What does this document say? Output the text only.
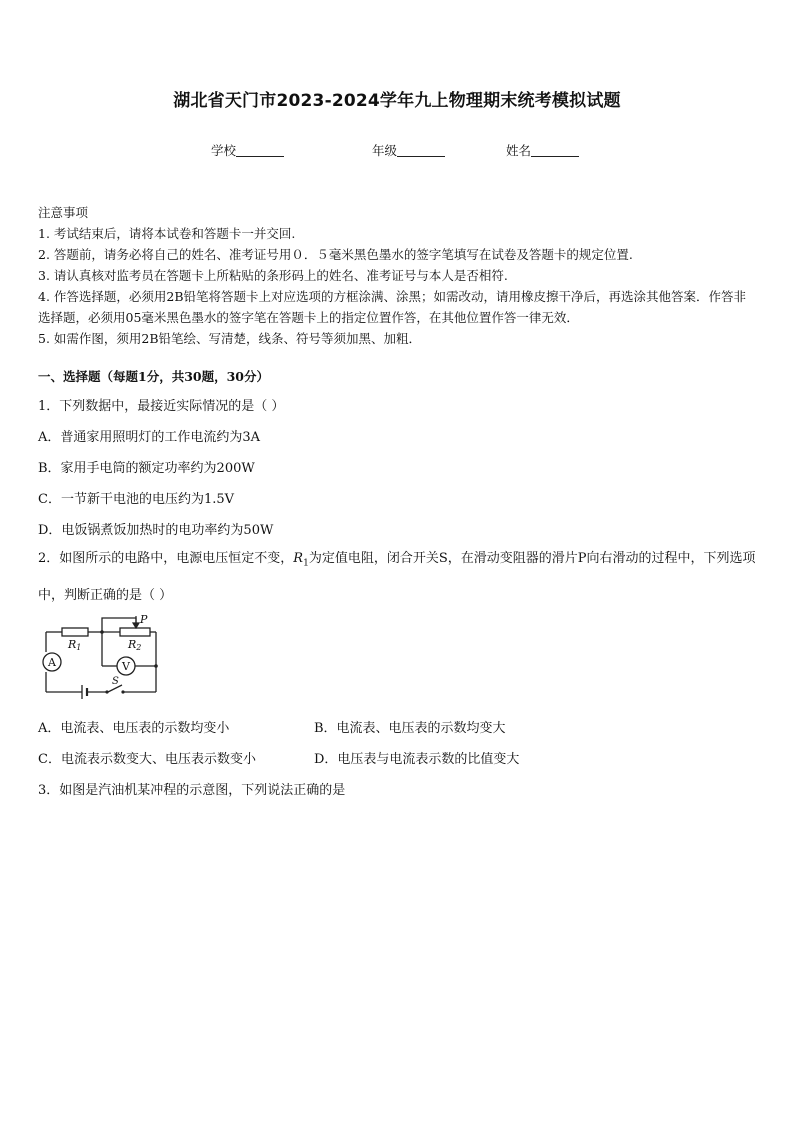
湖北省天门市2023-2024学年九上物理期末统考模拟试题
学校	年级	姓名
注意事项
1. 考试结束后，请将本试卷和答题卡一并交回.
2. 答题前，请务必将自己的姓名、准考证号用０．５毫米黑色墨水的签字笔填写在试卷及答题卡的规定位置.
3. 请认真核对监考员在答题卡上所粘贴的条形码上的姓名、准考证号与本人是否相符.
4. 作答选择题，必须用2B铅笔将答题卡上对应选项的方框涂满、涂黑；如需改动，请用橡皮擦干净后，再选涂其他答案．作答非选择题，必须用05毫米黑色墨水的签字笔在答题卡上的指定位置作答，在其他位置作答一律无效．
5. 如需作图，须用2B铅笔绘、写清楚，线条、符号等须加黑、加粗．
一、选择题（每题1分，共30题，30分）
1．下列数据中，最接近实际情况的是（ ）
A．普通家用照明灯的工作电流约为3A
B．家用手电筒的额定功率约为200W
C．一节新干电池的电压约为1.5V
D．电饭锅煮饭加热时的电功率约为50W
2．如图所示的电路中，电源电压恒定不变，$R_1$为定值电阻，闭合开关S，在滑动变阻器的滑片P向右滑动的过程中，下列选项中，判断正确的是（ ）
R1	R2
P
A	V
S
A．电流表、电压表的示数均变小	B．电流表、电压表的示数均变大
C．电流表示数变大、电压表示数变小	D．电压表与电流表示数的比值变大
3．如图是汽油机某冲程的示意图，下列说法正确的是
